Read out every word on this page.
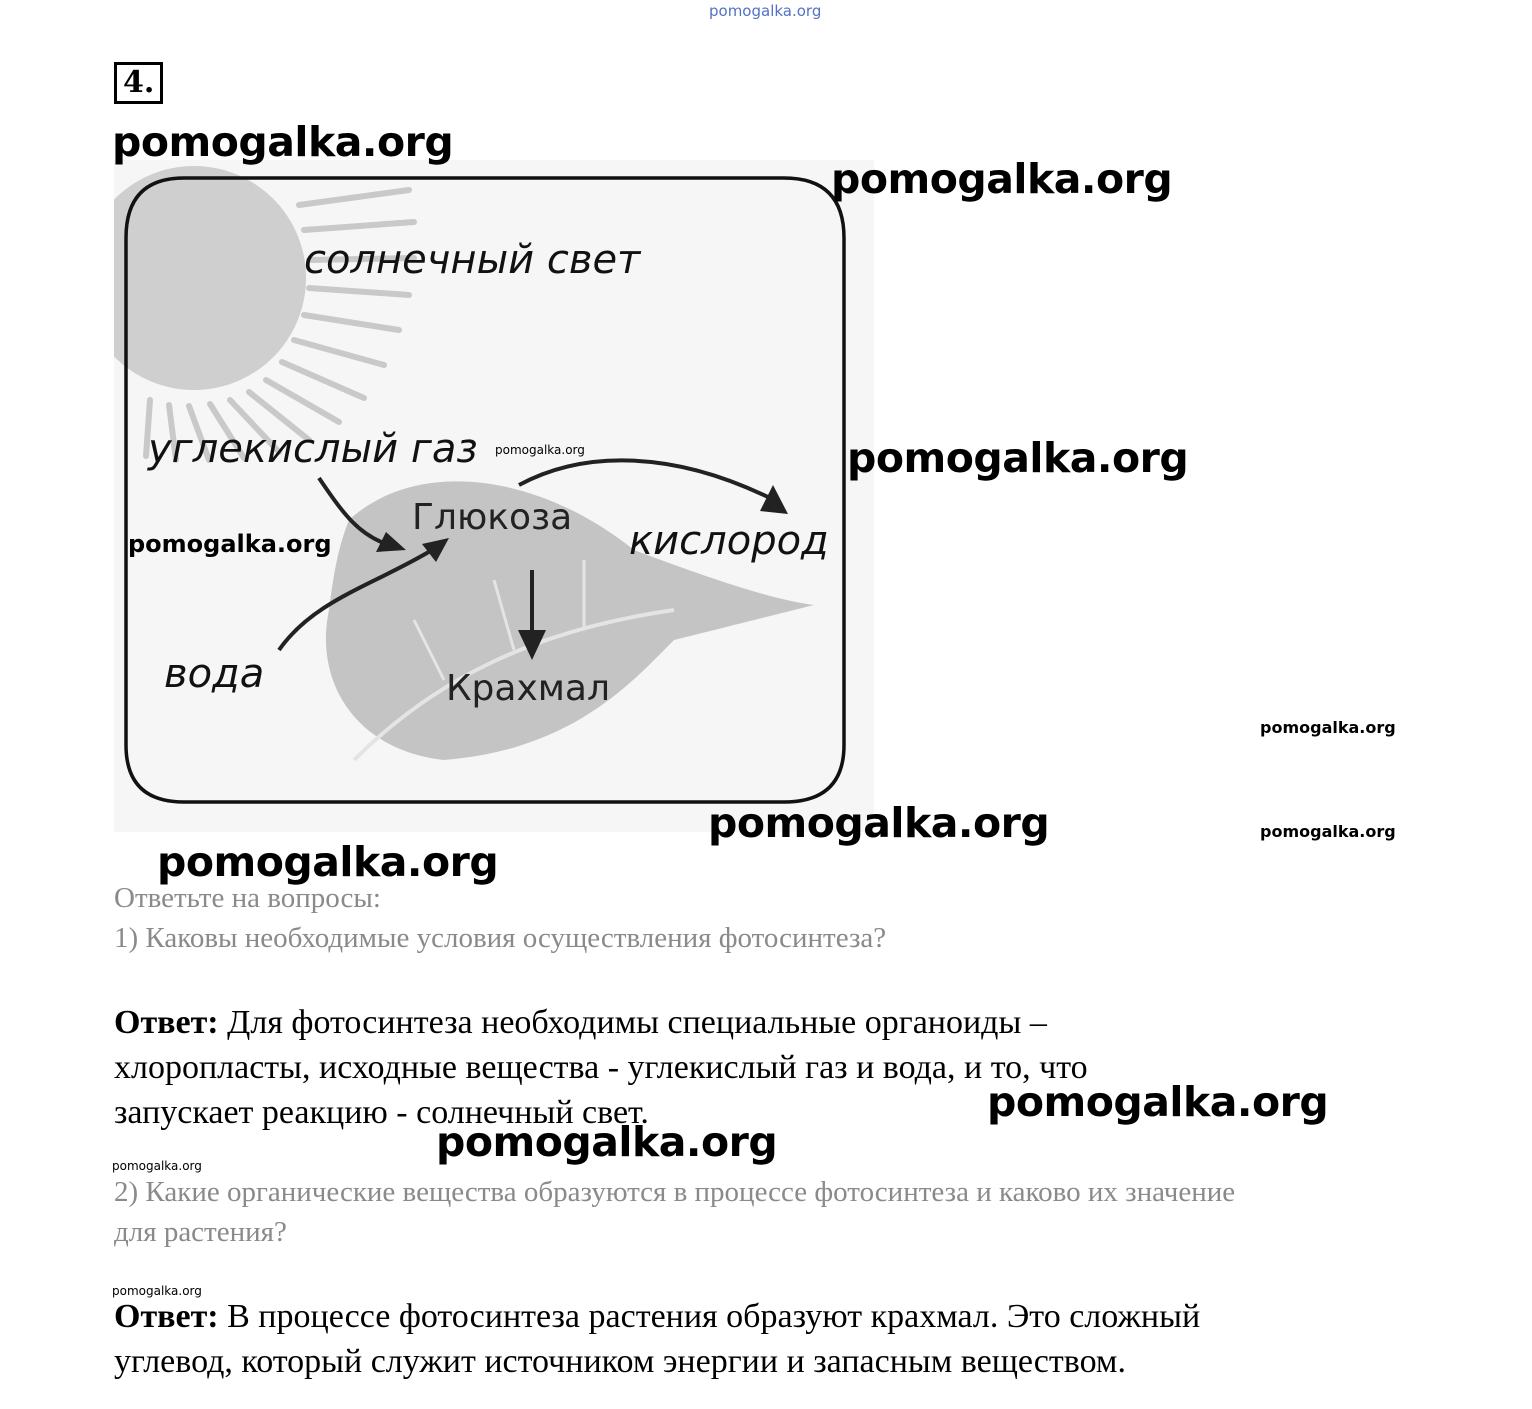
pomogalka.org
4.
солнечный свет
углекислый газ
Глюкоза
кислород
вода	Крахмал
pomogalka.org
pomogalka.org
pomogalka.org
pomogalka.org
pomogalka.org
pomogalka.org
pomogalka.org
pomogalka.org
pomogalka.org
pomogalka.org
pomogalka.org
pomogalka.org
pomogalka.org
Ответьте на вопросы:
1) Каковы необходимые условия осуществления фотосинтеза?
Ответ: Для фотосинтеза необходимы специальные органоиды –
хлоропласты, исходные вещества - углекислый газ и вода, и то, что
запускает реакцию - солнечный свет.
2) Какие органические вещества образуются в процессе фотосинтеза и каково их значение
для растения?
Ответ: В процессе фотосинтеза растения образуют крахмал. Это сложный
углевод, который служит источником энергии и запасным веществом.
